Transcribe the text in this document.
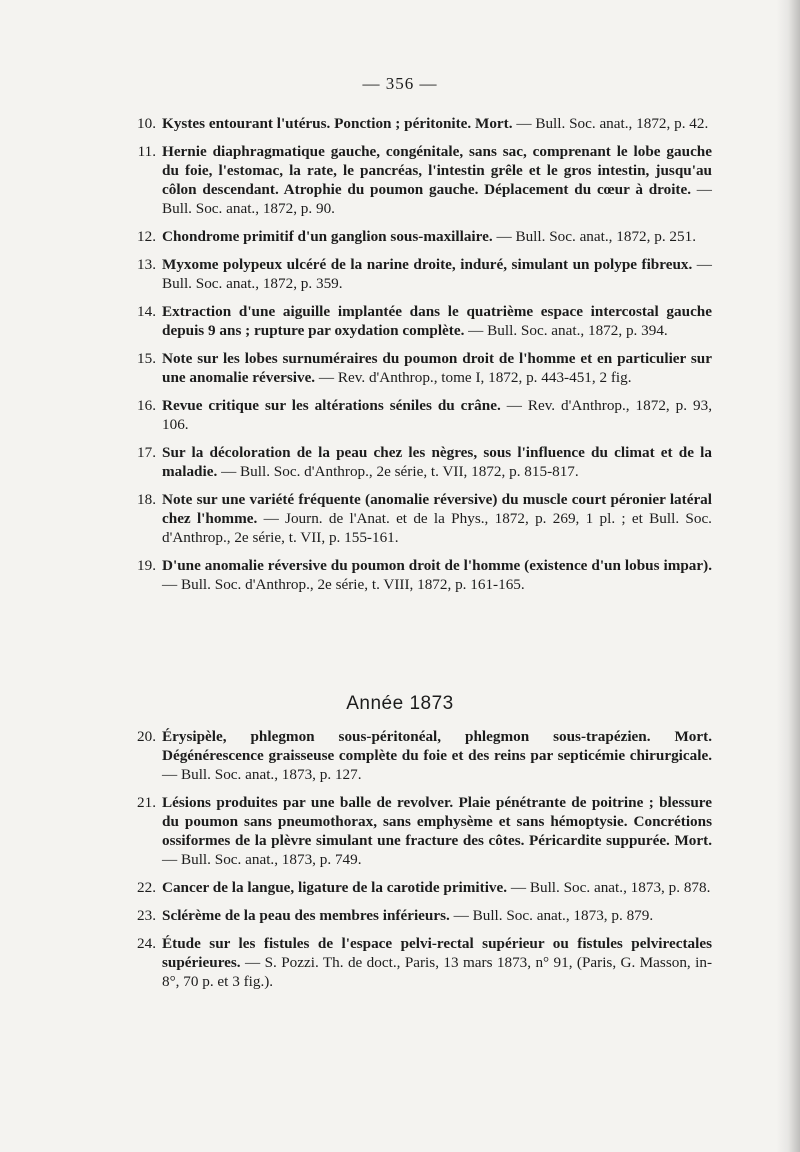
— 356 —
10. Kystes entourant l'utérus. Ponction ; péritonite. Mort. — Bull. Soc. anat., 1872, p. 42.
11. Hernie diaphragmatique gauche, congénitale, sans sac, comprenant le lobe gauche du foie, l'estomac, la rate, le pancréas, l'intestin grêle et le gros intestin, jusqu'au côlon descendant. Atrophie du poumon gauche. Déplacement du cœur à droite. — Bull. Soc. anat., 1872, p. 90.
12. Chondrome primitif d'un ganglion sous-maxillaire. — Bull. Soc. anat., 1872, p. 251.
13. Myxome polypeux ulcéré de la narine droite, induré, simulant un polype fibreux. — Bull. Soc. anat., 1872, p. 359.
14. Extraction d'une aiguille implantée dans le quatrième espace intercostal gauche depuis 9 ans ; rupture par oxydation complète. — Bull. Soc. anat., 1872, p. 394.
15. Note sur les lobes surnuméraires du poumon droit de l'homme et en particulier sur une anomalie réversive. — Rev. d'Anthrop., tome I, 1872, p. 443-451, 2 fig.
16. Revue critique sur les altérations séniles du crâne. — Rev. d'Anthrop., 1872, p. 93, 106.
17. Sur la décoloration de la peau chez les nègres, sous l'influence du climat et de la maladie. — Bull. Soc. d'Anthrop., 2e série, t. VII, 1872, p. 815-817.
18. Note sur une variété fréquente (anomalie réversive) du muscle court péronier latéral chez l'homme. — Journ. de l'Anat. et de la Phys., 1872, p. 269, 1 pl. ; et Bull. Soc. d'Anthrop., 2e série, t. VII, p. 155-161.
19. D'une anomalie réversive du poumon droit de l'homme (existence d'un lobus impar). — Bull. Soc. d'Anthrop., 2e série, t. VIII, 1872, p. 161-165.
Année 1873
20. Érysipèle, phlegmon sous-péritonéal, phlegmon sous-trapézien. Mort. Dégénérescence graisseuse complète du foie et des reins par septicémie chirurgicale. — Bull. Soc. anat., 1873, p. 127.
21. Lésions produites par une balle de revolver. Plaie pénétrante de poitrine ; blessure du poumon sans pneumothorax, sans emphysème et sans hémoptysie. Concrétions ossiformes de la plèvre simulant une fracture des côtes. Péricardite suppurée. Mort. — Bull. Soc. anat., 1873, p. 749.
22. Cancer de la langue, ligature de la carotide primitive. — Bull. Soc. anat., 1873, p. 878.
23. Sclérème de la peau des membres inférieurs. — Bull. Soc. anat., 1873, p. 879.
24. Étude sur les fistules de l'espace pelvi-rectal supérieur ou fistules pelvirectales supérieures. — S. Pozzi. Th. de doct., Paris, 13 mars 1873, n° 91, (Paris, G. Masson, in-8°, 70 p. et 3 fig.).
